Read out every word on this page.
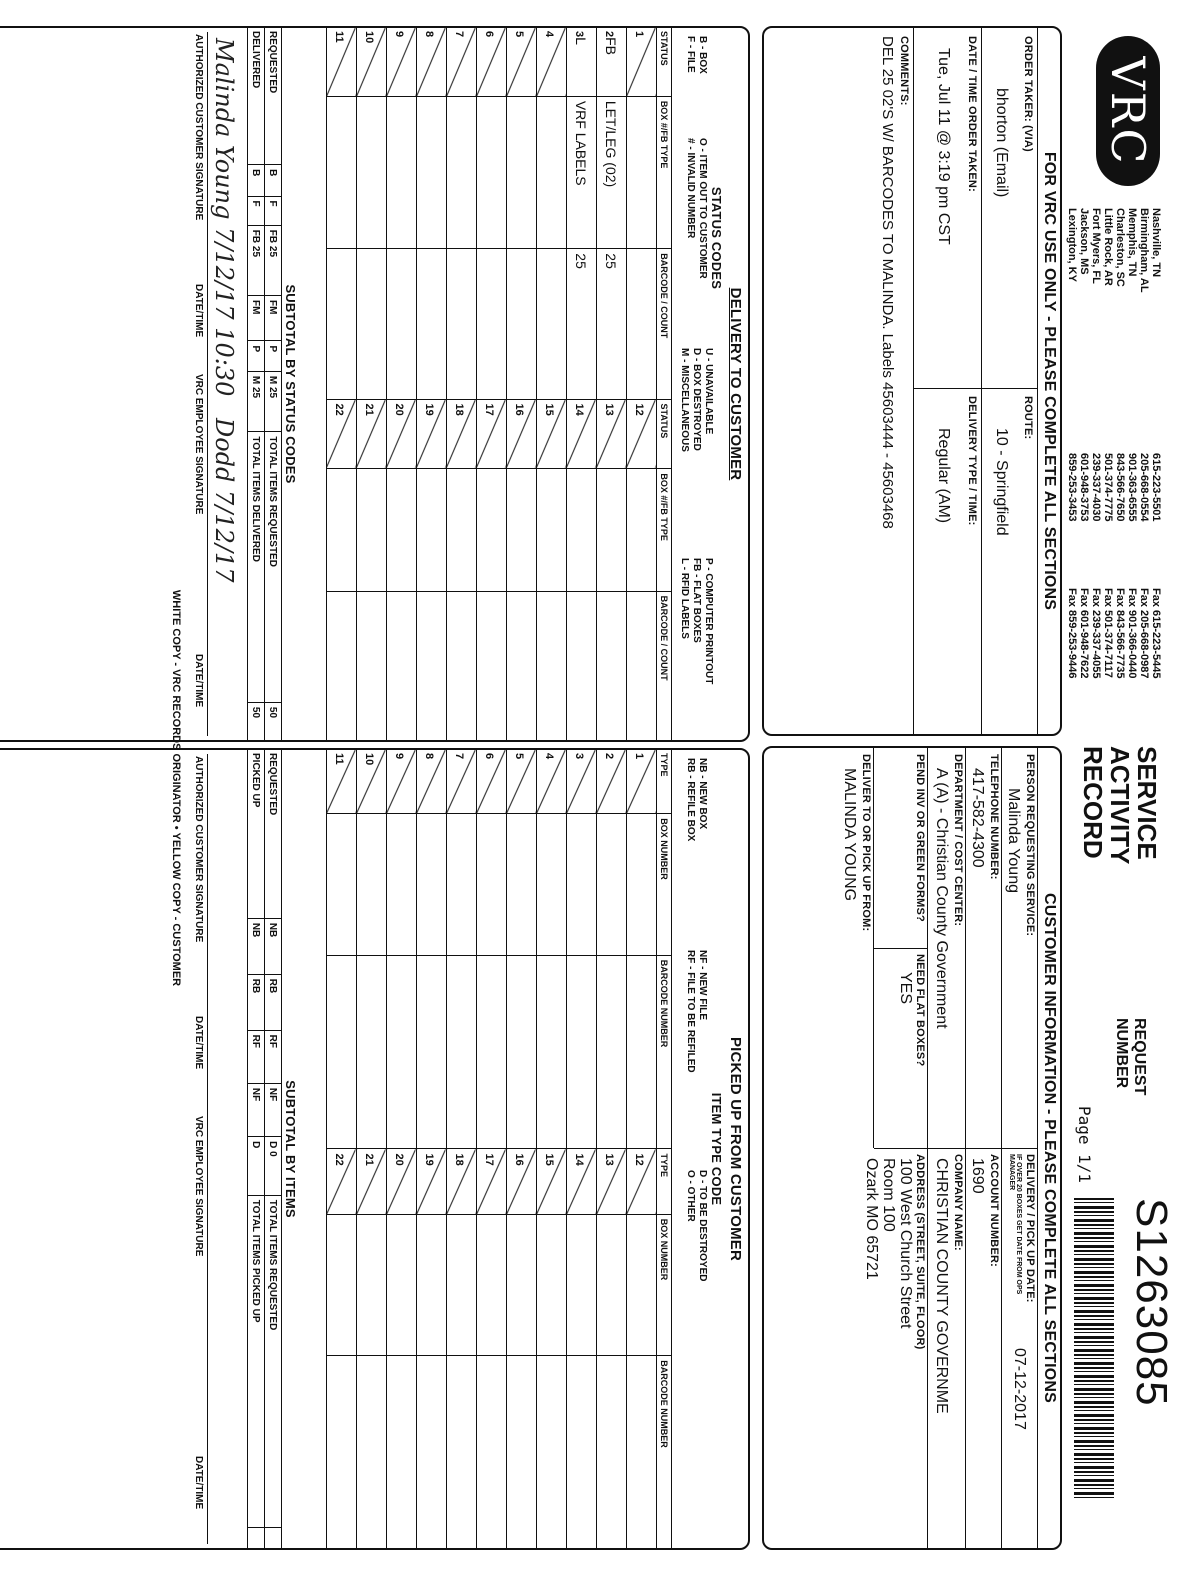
VRC
Nashville, TN
Birmingham, AL
Memphis, TN
Charleston, SC
Little Rock, AR
Fort Myers, FL
Jackson, MS
Lexington, KY
615-223-5501
205-668-0554
901-363-6555
843-566-7650
501-374-7775
239-337-4030
601-948-3753
859-253-3453
Fax 615-223-5445
Fax 205-668-0987
Fax 901-366-0440
Fax 843-566-7735
Fax 501-374-7117
Fax 239-337-4055
Fax 601-948-7622
Fax 859-253-9446
SERVICE
ACTIVITY
RECORD
REQUEST NUMBER
Page 1/1
S1263085
FOR VRC USE ONLY - PLEASE COMPLETE ALL SECTIONS
ORDER TAKER: (VIA)
bhorton (Email)
ROUTE:
10 - Springfield
DATE / TIME ORDER TAKEN:
Tue, Jul 11 @ 3:19 pm CST
DELIVERY TYPE / TIME:
Regular (AM)
COMMENTS:
DEL 25 02'S W/ BARCODES TO MALINDA. Labels 45603444 - 45603468
CUSTOMER INFORMATION - PLEASE COMPLETE ALL SECTIONS
PERSON REQUESTING SERVICE:
Malinda Young
DELIVERY / PICK UP DATE:
07-12-2017
IF OVER 20 BOXES GET DATE FROM OPS MANAGER
TELEPHONE NUMBER:
417-582-4300
ACCOUNT NUMBER:
1690
DEPARTMENT / COST CENTER:
A (A) - Christian County Government
COMPANY NAME:
CHRISTIAN COUNTY GOVERNME
PEND INV OR GREEN FORMS?
NEED FLAT BOXES?
YES
ADDRESS (STREET, SUITE, FLOOR)
100 West Church Street
Room 100
Ozark MO 65721
DELIVER TO OR PICK UP FROM:
MALINDA YOUNG
DELIVERY TO CUSTOMER
STATUS CODES
B - BOX
F - FILE
O - ITEM OUT TO CUSTOMER
# - INVALID NUMBER
U - UNAVAILABLE
D - BOX DESTROYED
M - MISCELLANEOUS
P - COMPUTER PRINTOUT
FB - FLAT BOXES
L - RFID LABELS
STATUS	BOX #/FB TYPE	BARCODE / COUNT	STATUS	BOX #/FB TYPE	BARCODE / COUNT
1			12		
2FB	LET/LEG (02)	25	13		
3L	VRF LABELS	25	14		
4			15		
5			16		
6			17		
7			18		
8			19		
9			20		
10			21		
11			22		
SUBTOTAL BY STATUS CODES
REQUESTED	B	F	FB 25	FM	P	M 25	TOTAL ITEMS REQUESTED	50
DELIVERED	B	F	FB 25	FM	P	M 25	TOTAL ITEMS DELIVERED	50
Malinda Young 7/12/17 10:30
Dodd 7/12/17
AUTHORIZED CUSTOMER SIGNATURE
DATE/TIME
VRC EMPLOYEE SIGNATURE
DATE/TIME
PICKED UP FROM CUSTOMER
ITEM TYPE CODE
NB - NEW BOX
RB - REFILE BOX
NF - NEW FILE
RF - FILE TO BE REFILED
D - TO BE DESTROYED
O - OTHER
TYPE	BOX NUMBER	BARCODE NUMBER	TYPE	BOX NUMBER	BARCODE NUMBER
1			12		
2			13		
3			14		
4			15		
5			16		
6			17		
7			18		
8			19		
9			20		
10			21		
11			22		
SUBTOTAL BY ITEMS
REQUESTED	NB	RB	RF	NF	D 0	TOTAL ITEMS REQUESTED	
PICKED UP	NB	RB	RF	NF	D	TOTAL ITEMS PICKED UP	
AUTHORIZED CUSTOMER SIGNATURE
DATE/TIME
VRC EMPLOYEE SIGNATURE
DATE/TIME
WHITE COPY - VRC RECORDS ORIGINATOR • YELLOW COPY - CUSTOMER
